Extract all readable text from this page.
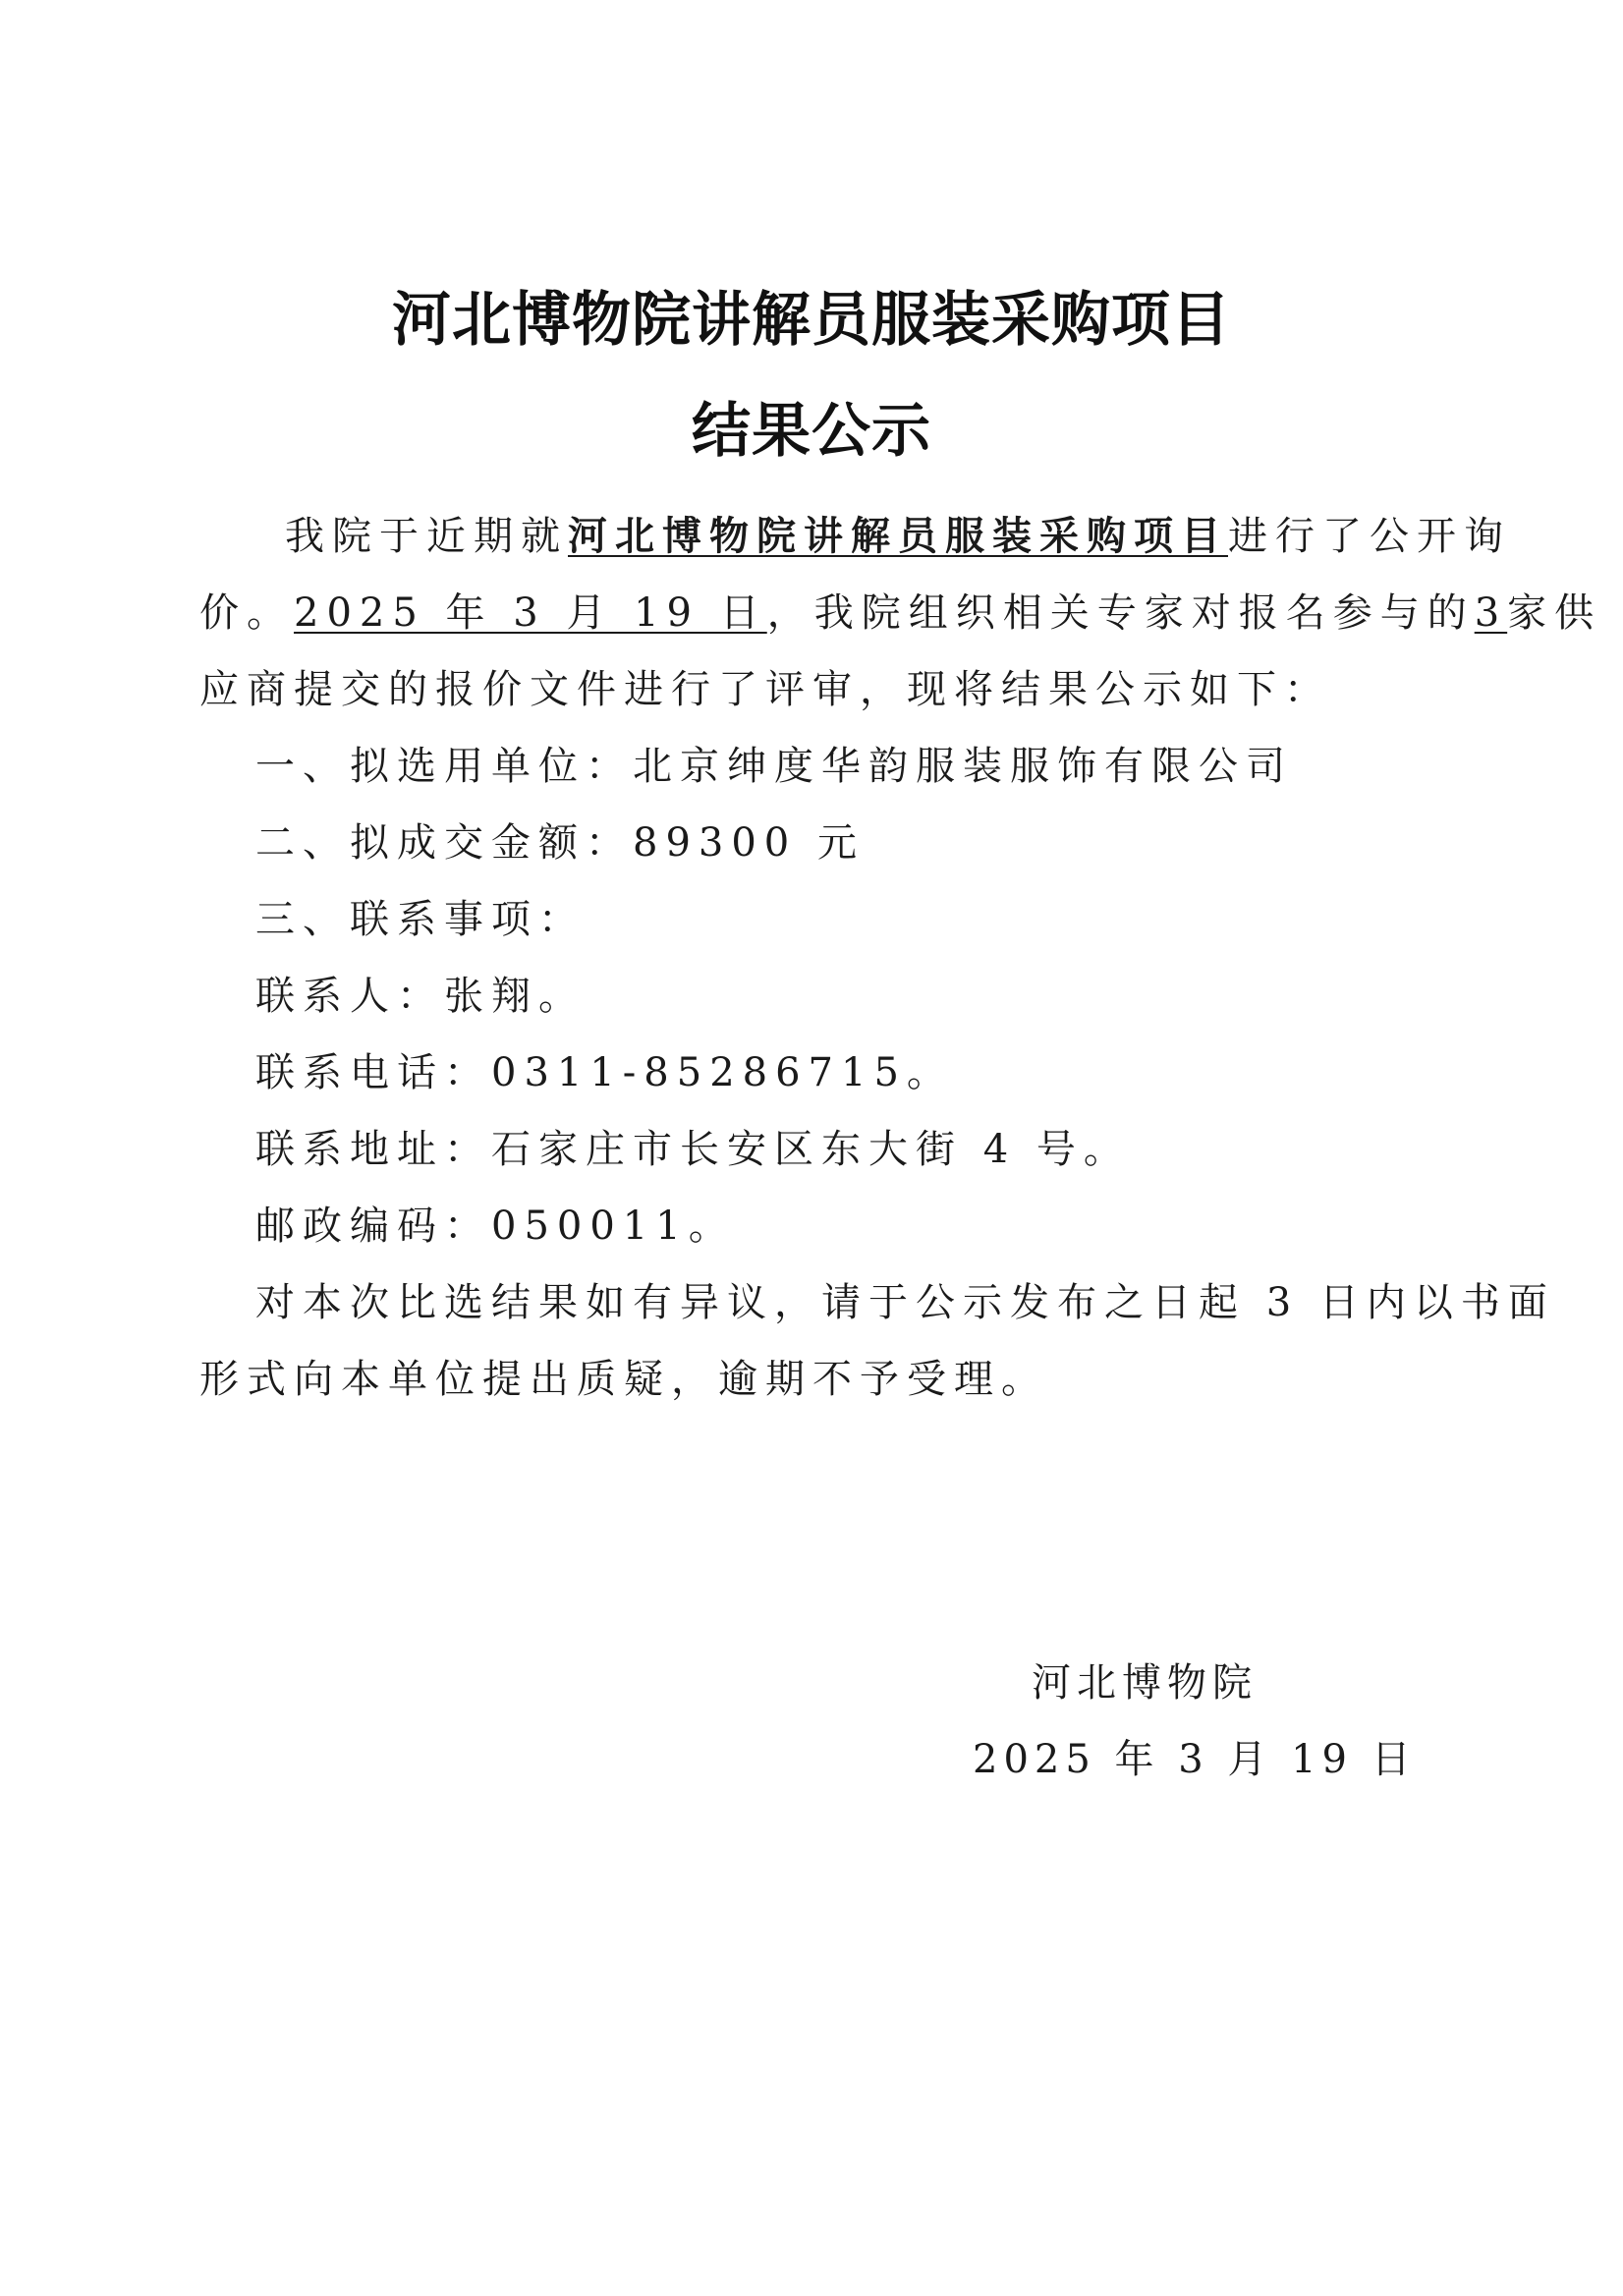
河北博物院讲解员服装采购项目
结果公示
我院于近期就河北博物院讲解员服装采购项目进行了公开询
价。2025 年 3 月 19 日，我院组织相关专家对报名参与的3家供
应商提交的报价文件进行了评审，现将结果公示如下：
一、拟选用单位：北京绅度华韵服装服饰有限公司
二、拟成交金额：89300 元
三、联系事项：
联系人：张翔。
联系电话：0311-85286715。
联系地址：石家庄市长安区东大街 4 号。
邮政编码：050011。
对本次比选结果如有异议，请于公示发布之日起 3 日内以书面
形式向本单位提出质疑，逾期不予受理。
河北博物院
2025 年 3 月 19 日
